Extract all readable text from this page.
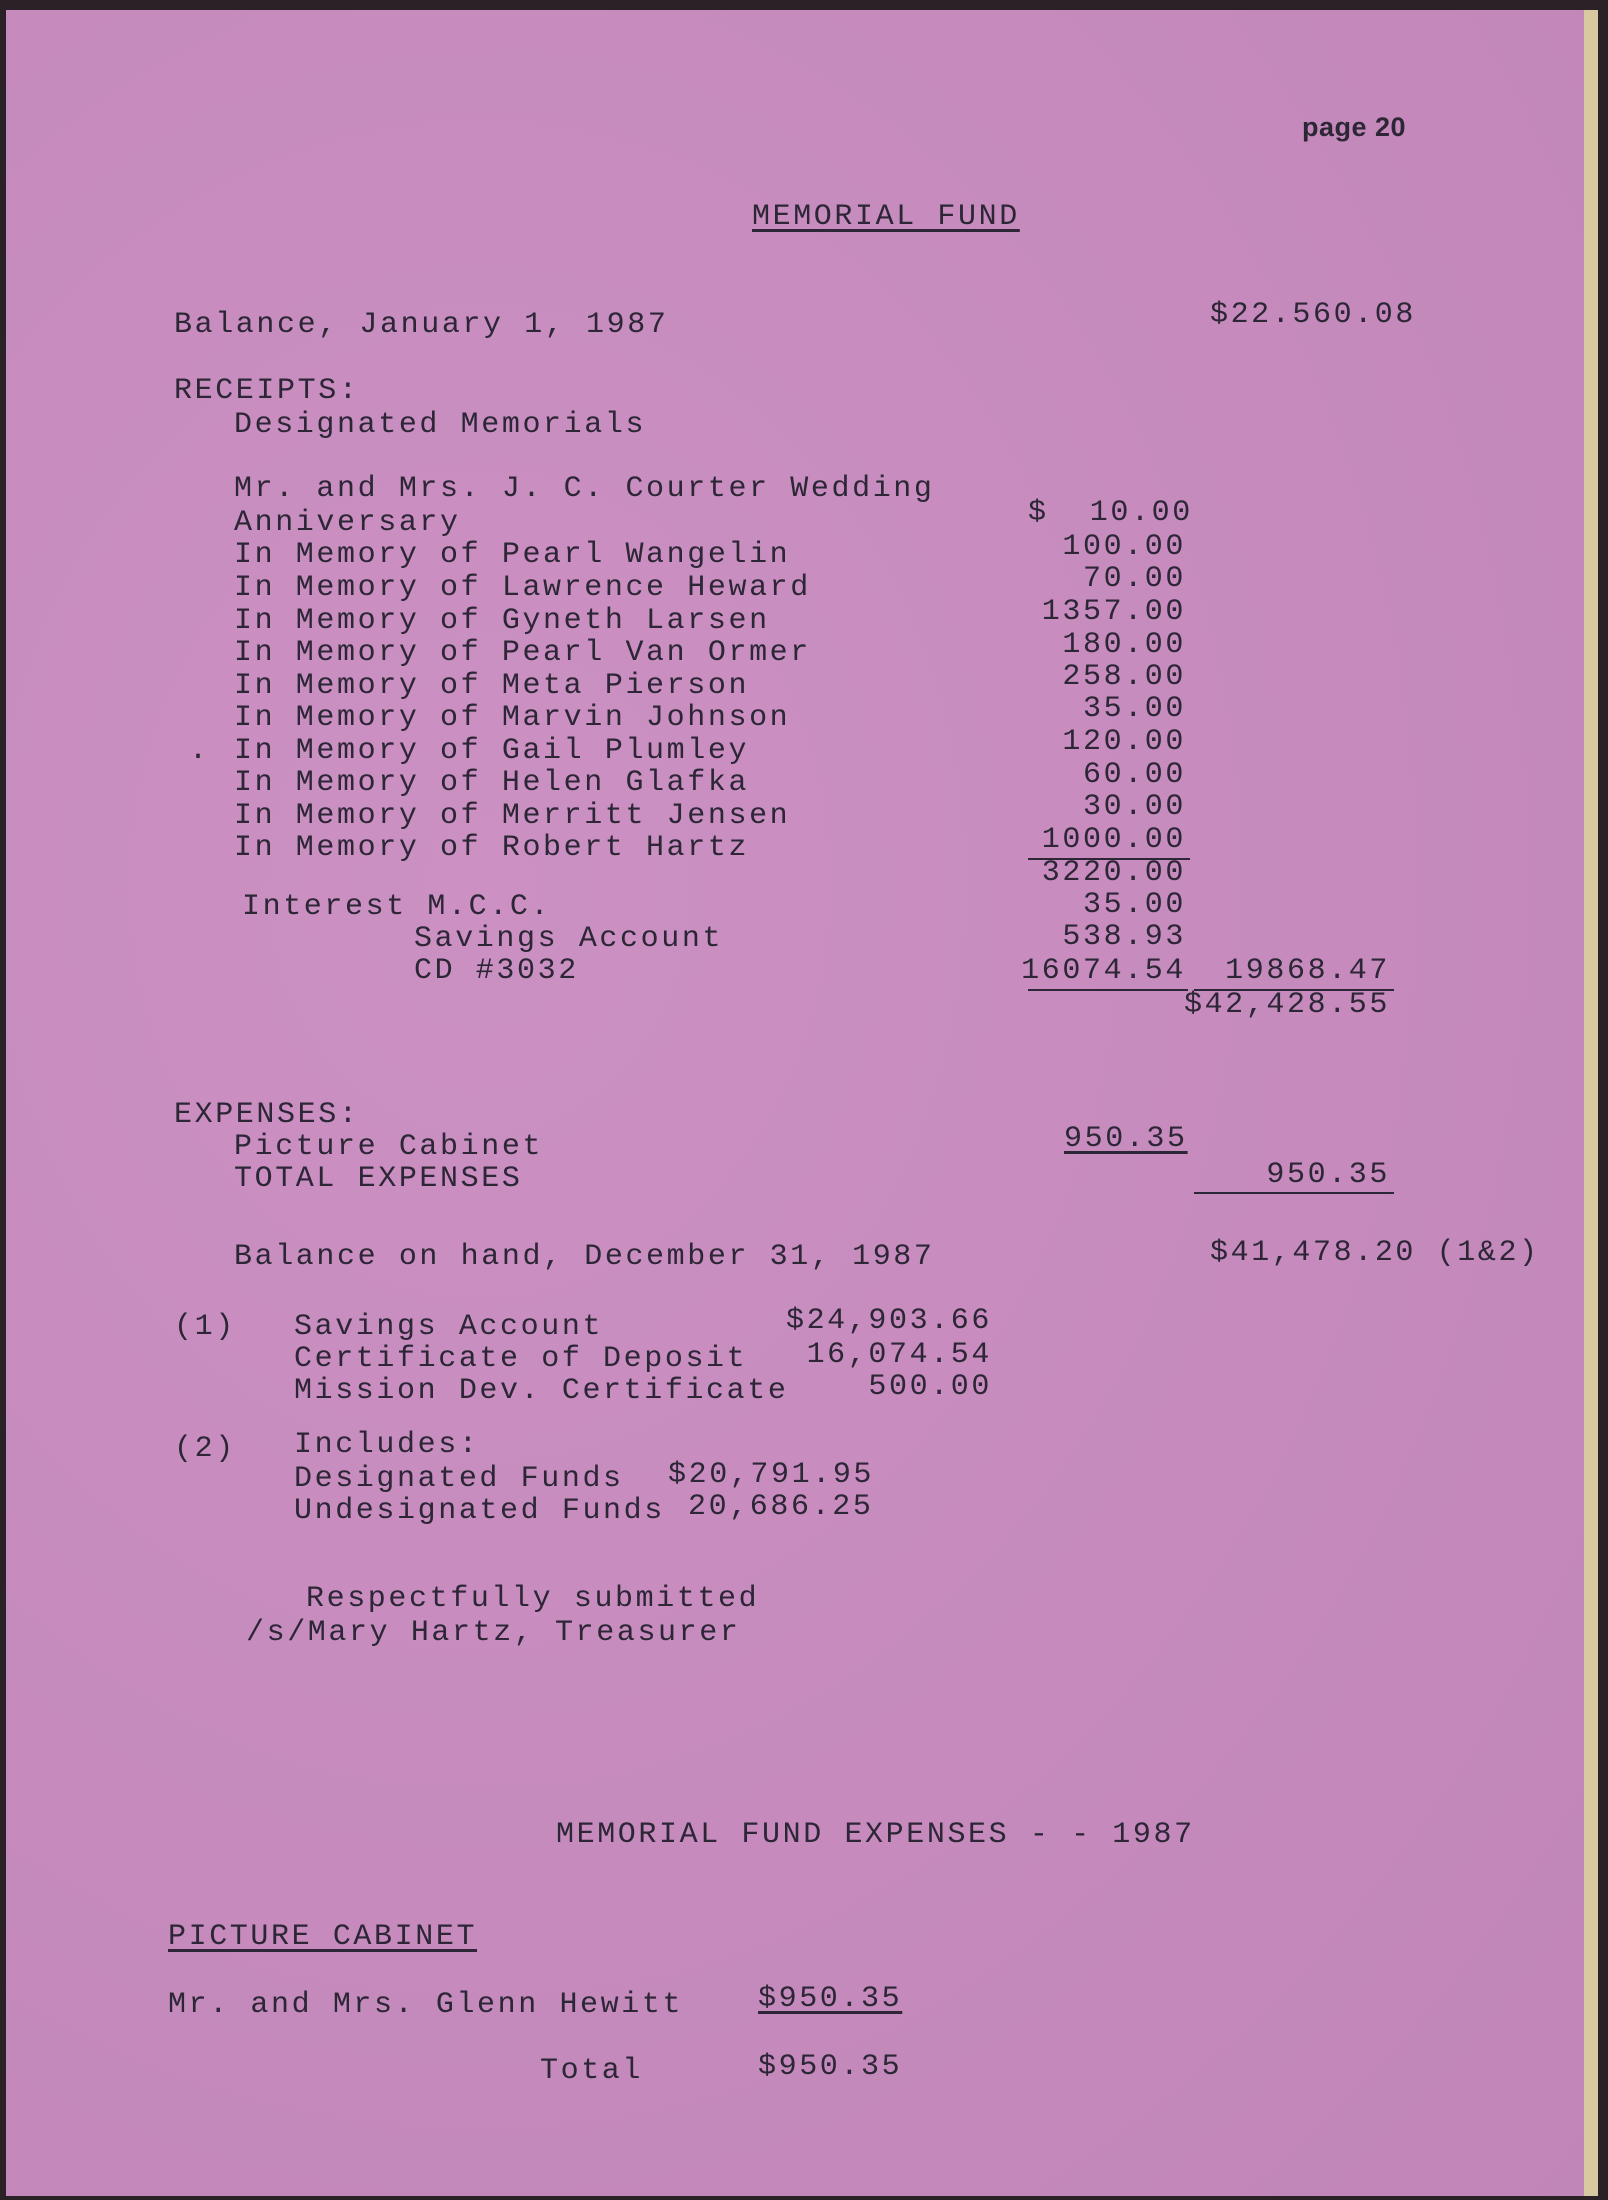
page 20
MEMORIAL FUND
Balance, January 1, 1987	$22.560.08
RECEIPTS:
Designated Memorials
Mr. and Mrs. J. C. Courter Wedding
Anniversary	$  10.00
In Memory of Pearl Wangelin	100.00
In Memory of Lawrence Heward	70.00
In Memory of Gyneth Larsen	1357.00
In Memory of Pearl Van Ormer	180.00
In Memory of Meta Pierson	258.00
In Memory of Marvin Johnson	35.00
. In Memory of Gail Plumley	120.00
In Memory of Helen Glafka	60.00
In Memory of Merritt Jensen	30.00
In Memory of Robert Hartz	1000.00
3220.00
Interest M.C.C.	35.00
Savings Account	538.93
CD #3032	16074.54	19868.47
$42,428.55
EXPENSES:
Picture Cabinet	950.35
TOTAL EXPENSES	950.35
Balance on hand, December 31, 1987	$41,478.20 (1&2)
(1) Savings Account	$24,903.66
Certificate of Deposit	16,074.54
Mission Dev. Certificate	500.00
(2) Includes:
Designated Funds $20,791.95
Undesignated Funds 20,686.25
Respectfully submitted
/s/Mary Hartz, Treasurer
MEMORIAL FUND EXPENSES - - 1987
PICTURE CABINET
Mr. and Mrs. Glenn Hewitt $950.35
Total	$950.35
